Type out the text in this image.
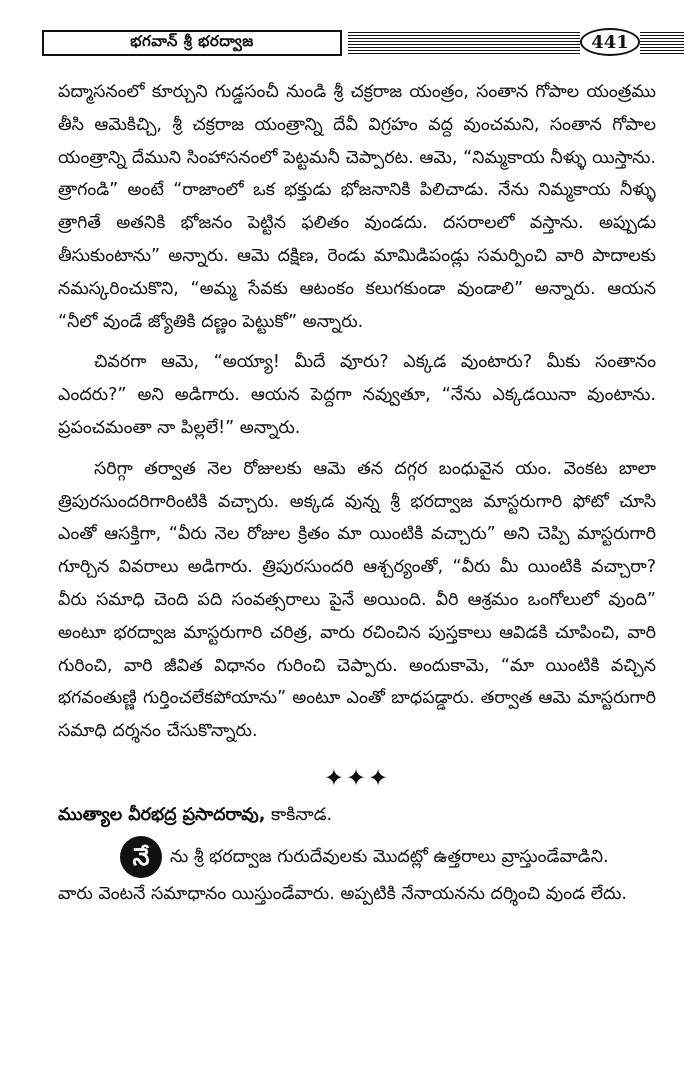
భగవాన్ శ్రీ భరద్వాజ	441

పద్మాసనంలో కూర్చుని గుడ్డసంచీ నుండి శ్రీ చక్రరాజ యంత్రం, సంతాన గోపాల యంత్రము తీసి ఆమెకిచ్చి, శ్రీ చక్రరాజ యంత్రాన్ని దేవీ విగ్రహం వద్ద వుంచమని, సంతాన గోపాల యంత్రాన్ని దేముని సింహాసనంలో పెట్టమనీ చెప్పారట. ఆమె, “నిమ్మకాయ నీళ్ళు యిస్తాను. త్రాగండి” అంటే “రాజాంలో ఒక భక్తుడు భోజనానికి పిలిచాడు. నేను నిమ్మకాయ నీళ్ళు త్రాగితే అతనికి భోజనం పెట్టిన ఫలితం వుండదు. దసరాలలో వస్తాను. అప్పుడు తీసుకుంటాను” అన్నారు. ఆమె దక్షిణ, రెండు మామిడిపండ్లు సమర్పించి వారి పాదాలకు నమస్కరించుకొని, “అమ్మ సేవకు ఆటంకం కలుగకుండా వుండాలి” అన్నారు. ఆయన “నీలో వుండే జ్యోతికి దణ్ణం పెట్టుకో” అన్నారు.

చివరగా ఆమె, “అయ్యా! మీదే వూరు? ఎక్కడ వుంటారు? మీకు సంతానం ఎందరు?” అని అడిగారు. ఆయన పెద్దగా నవ్వుతూ, “నేను ఎక్కడయినా వుంటాను. ప్రపంచమంతా నా పిల్లలే!” అన్నారు.

సరిగ్గా తర్వాత నెల రోజులకు ఆమె తన దగ్గర బంధువైన యం. వెంకట బాలా త్రిపురసుందరిగారింటికి వచ్చారు. అక్కడ వున్న శ్రీ భరద్వాజ మాస్టరుగారి ఫోటో చూసి ఎంతో ఆసక్తిగా, “వీరు నెల రోజుల క్రితం మా యింటికి వచ్చారు” అని చెప్పి మాస్టరుగారి గూర్చిన వివరాలు అడిగారు. త్రిపురసుందరి ఆశ్చర్యంతో, “వీరు మీ యింటికి వచ్చారా? వీరు సమాధి చెంది పది సంవత్సరాలు పైనే అయింది. వీరి ఆశ్రమం ఒంగోలులో వుంది” అంటూ భరద్వాజ మాస్టరుగారి చరిత్ర, వారు రచించిన పుస్తకాలు ఆవిడకి చూపించి, వారి గురించి, వారి జీవిత విధానం గురించి చెప్పారు. అందుకామె, “మా యింటికి వచ్చిన భగవంతుణ్ణి గుర్తించలేకపోయాను” అంటూ ఎంతో బాధపడ్డారు. తర్వాత ఆమె మాస్టరుగారి సమాధి దర్శనం చేసుకొన్నారు.

✦✦✦
ముత్యాల వీరభద్ర ప్రసాదరావు, కాకినాడ.
నే	ను శ్రీ భరద్వాజ గురుదేవులకు మొదట్లో ఉత్తరాలు వ్రాస్తుండేవాడిని.

వారు వెంటనే సమాధానం యిస్తుండేవారు. అప్పటికి నేనాయనను దర్శించి వుండ లేదు.
